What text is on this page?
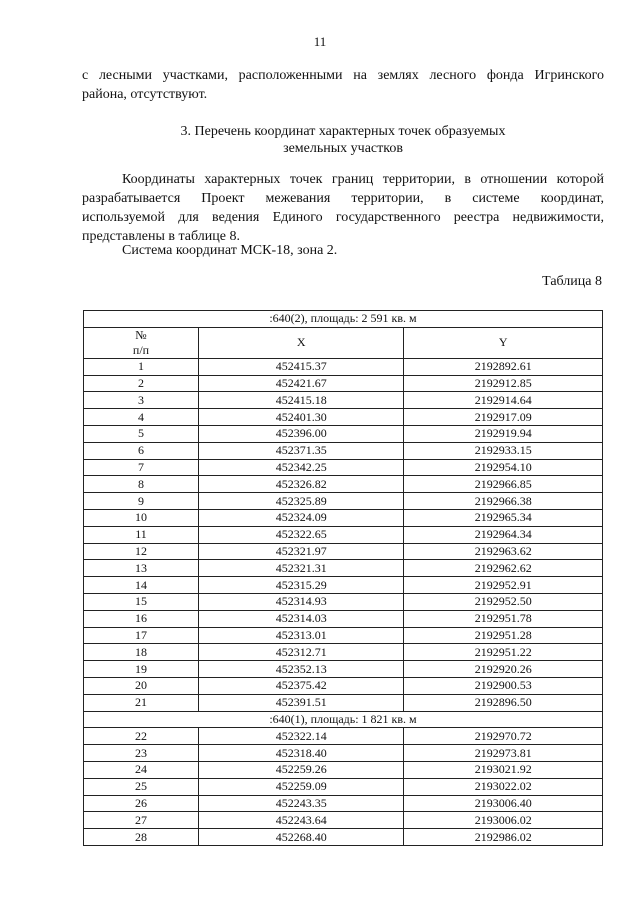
11
с лесными участками, расположенными на землях лесного фонда Игринского
района, отсутствуют.
3. Перечень координат характерных точек образуемых
земельных участков
Координаты характерных точек границ территории, в отношении которой
разрабатывается Проект межевания территории, в системе координат,
используемой для ведения Единого государственного реестра недвижимости,
представлены в таблице 8.
Система координат МСК-18, зона 2.
Таблица 8
:640(2), площадь: 2 591 кв. м		
№
п/п	X	Y
1	452415.37	2192892.61
2	452421.67	2192912.85
3	452415.18	2192914.64
4	452401.30	2192917.09
5	452396.00	2192919.94
6	452371.35	2192933.15
7	452342.25	2192954.10
8	452326.82	2192966.85
9	452325.89	2192966.38
10	452324.09	2192965.34
11	452322.65	2192964.34
12	452321.97	2192963.62
13	452321.31	2192962.62
14	452315.29	2192952.91
15	452314.93	2192952.50
16	452314.03	2192951.78
17	452313.01	2192951.28
18	452312.71	2192951.22
19	452352.13	2192920.26
20	452375.42	2192900.53
21	452391.51	2192896.50
:640(1), площадь: 1 821 кв. м		
22	452322.14	2192970.72
23	452318.40	2192973.81
24	452259.26	2193021.92
25	452259.09	2193022.02
26	452243.35	2193006.40
27	452243.64	2193006.02
28	452268.40	2192986.02
